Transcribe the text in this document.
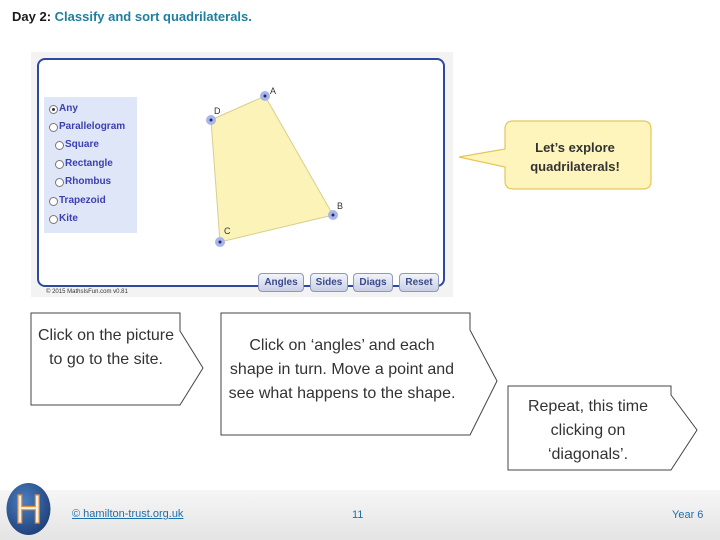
Day 2: Classify and sort quadrilaterals.
Any
Parallelogram
Square
Rectangle
Rhombus
Trapezoid
Kite
A
B
C
D
Angles	Sides	Diags	Reset
© 2015 MathsIsFun.com v0.81
Let’s explore
quadrilaterals!
Click on the picture to go to the site.
Click on ‘angles’ and each shape in turn. Move a point and see what happens to the shape.
Repeat, this time clicking on ‘diagonals’.
H	© hamilton-trust.org.uk	11	Year 6
